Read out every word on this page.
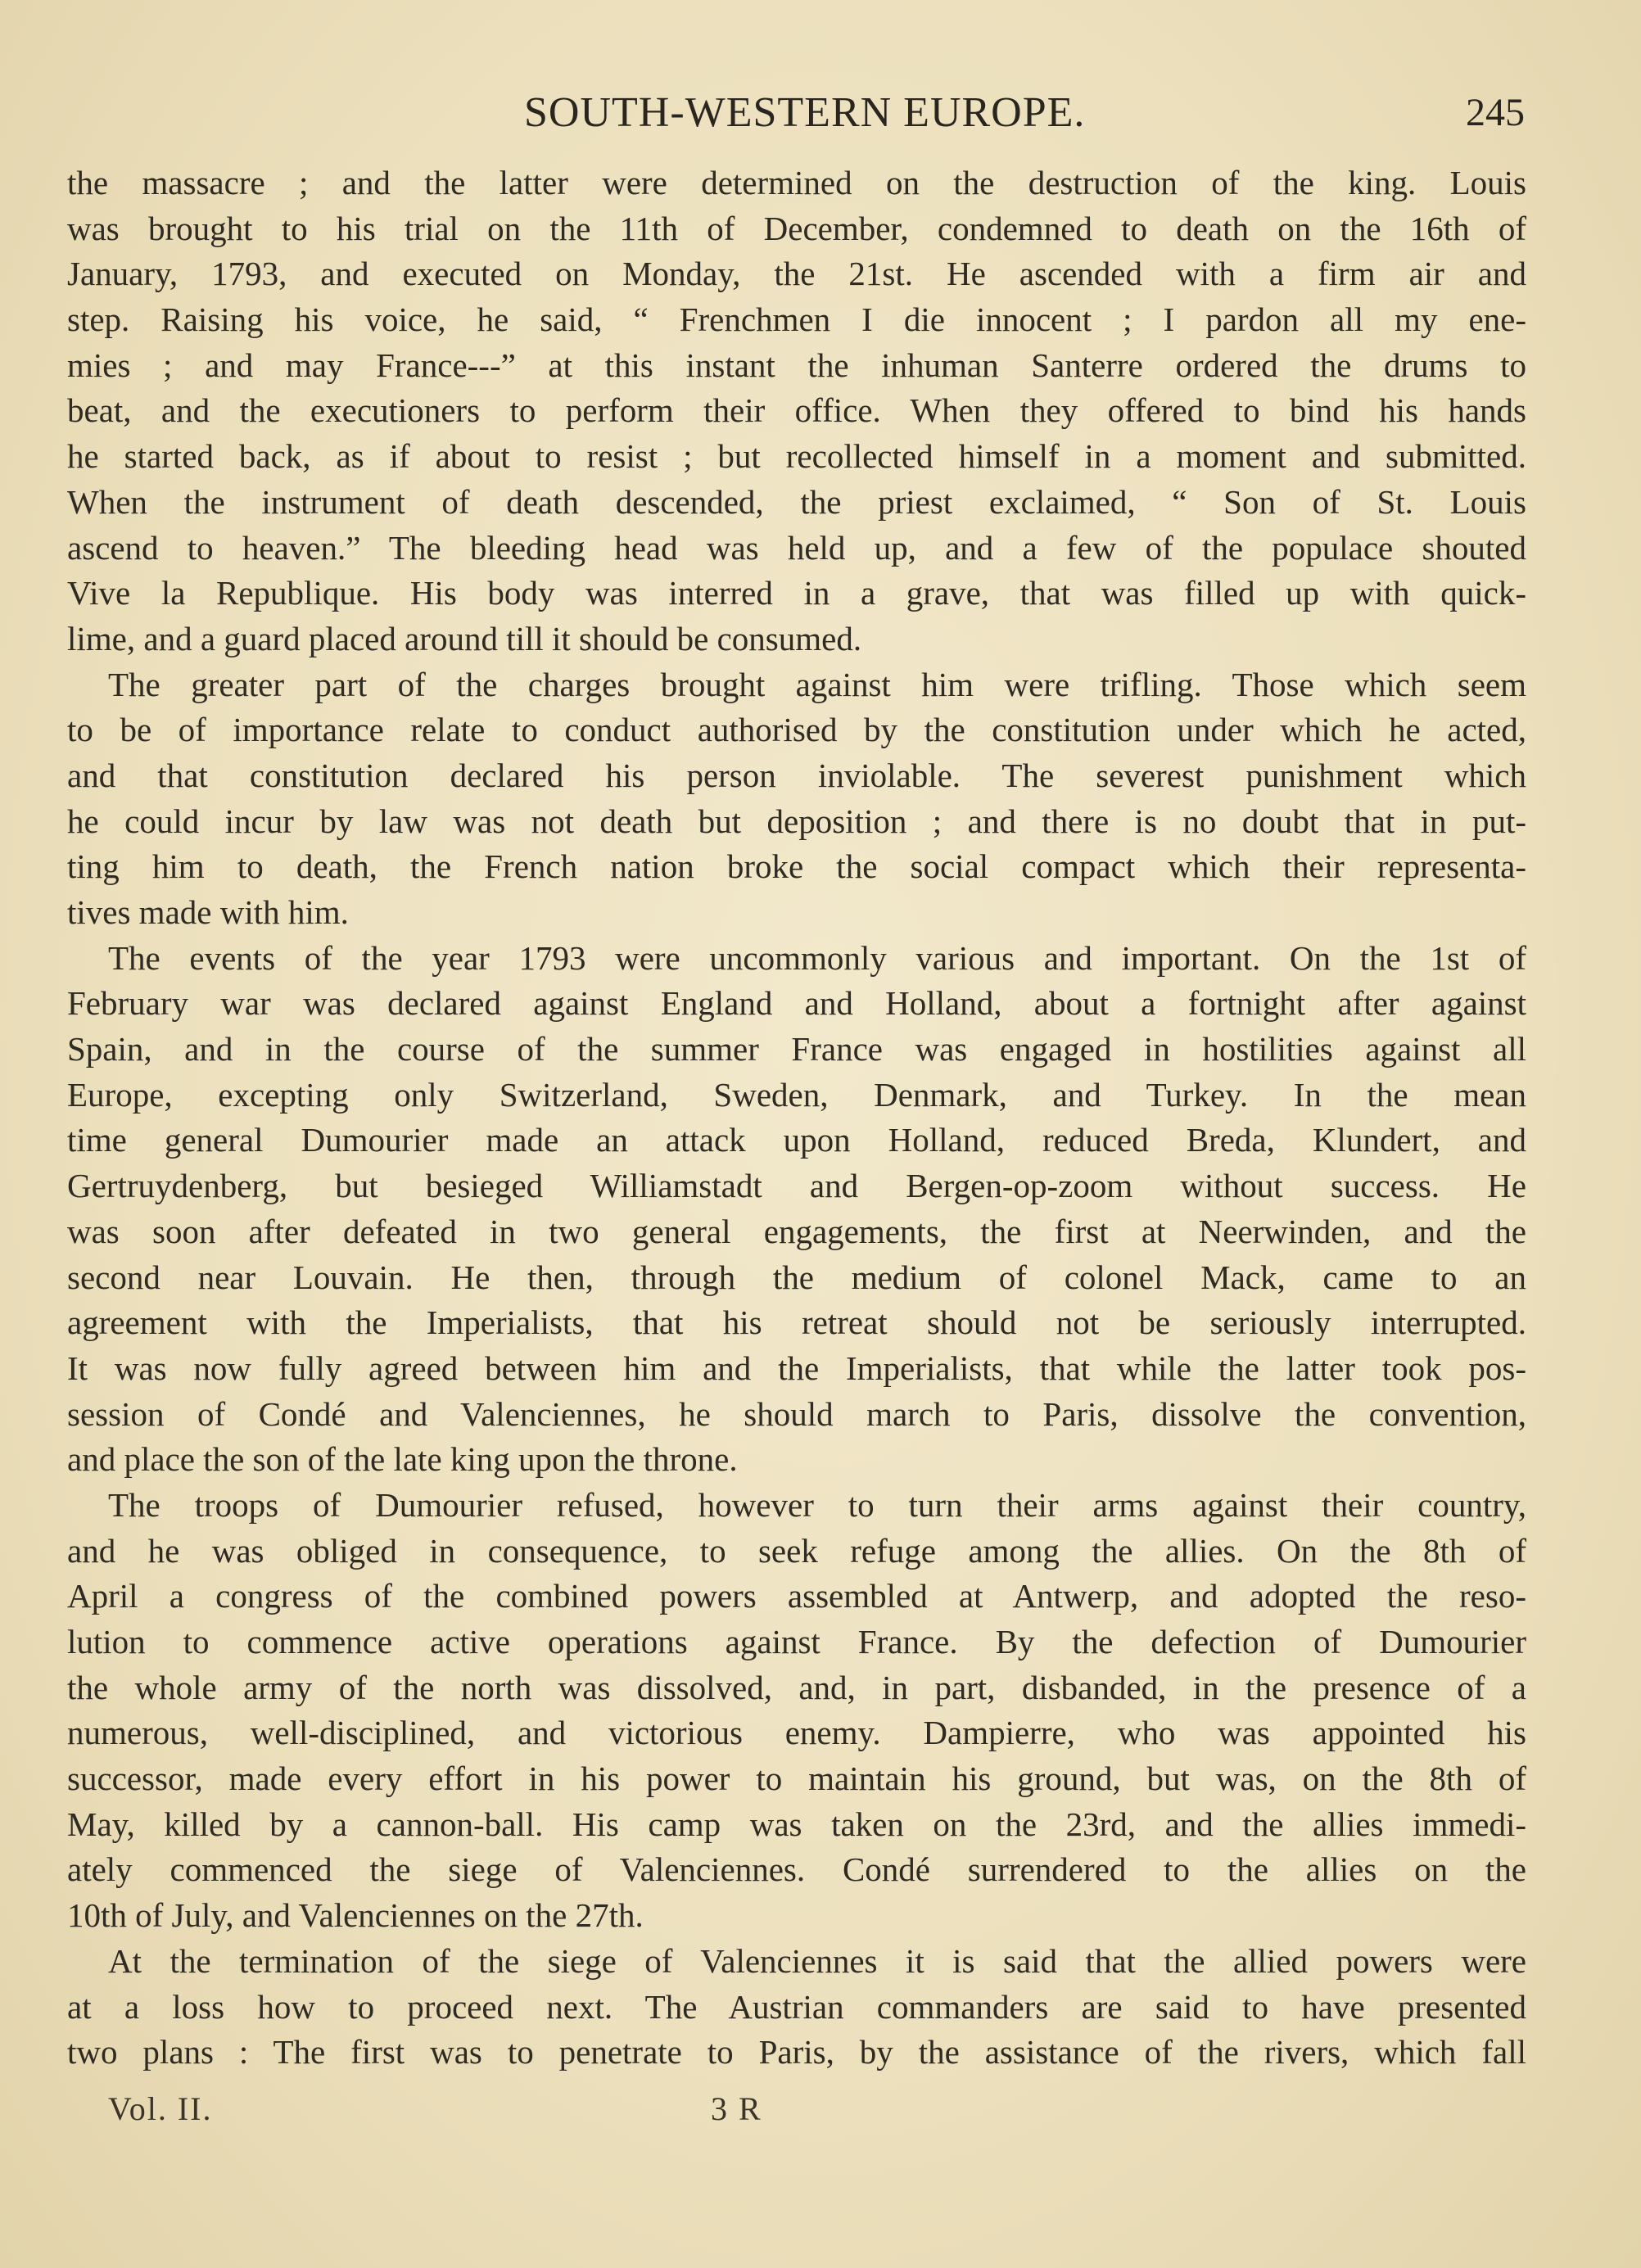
SOUTH-WESTERN EUROPE.	245
the massacre ; and the latter were determined on the destruction of the king. Louis
was brought to his trial on the 11th of December, condemned to death on the 16th of
January, 1793, and executed on Monday, the 21st. He ascended with a firm air and
step. Raising his voice, he said, “ Frenchmen I die innocent ; I pardon all my ene-
mies ; and may France---” at this instant the inhuman Santerre ordered the drums to
beat, and the executioners to perform their office. When they offered to bind his hands
he started back, as if about to resist ; but recollected himself in a moment and submitted.
When the instrument of death descended, the priest exclaimed, “ Son of St. Louis
ascend to heaven.” The bleeding head was held up, and a few of the populace shouted
Vive la Republique. His body was interred in a grave, that was filled up with quick-
lime, and a guard placed around till it should be consumed.
The greater part of the charges brought against him were trifling. Those which seem
to be of importance relate to conduct authorised by the constitution under which he acted,
and that constitution declared his person inviolable. The severest punishment which
he could incur by law was not death but deposition ; and there is no doubt that in put-
ting him to death, the French nation broke the social compact which their representa-
tives made with him.
The events of the year 1793 were uncommonly various and important. On the 1st of
February war was declared against England and Holland, about a fortnight after against
Spain, and in the course of the summer France was engaged in hostilities against all
Europe, excepting only Switzerland, Sweden, Denmark, and Turkey. In the mean
time general Dumourier made an attack upon Holland, reduced Breda, Klundert, and
Gertruydenberg, but besieged Williamstadt and Bergen-op-zoom without success. He
was soon after defeated in two general engagements, the first at Neerwinden, and the
second near Louvain. He then, through the medium of colonel Mack, came to an
agreement with the Imperialists, that his retreat should not be seriously interrupted.
It was now fully agreed between him and the Imperialists, that while the latter took pos-
session of Condé and Valenciennes, he should march to Paris, dissolve the convention,
and place the son of the late king upon the throne.
The troops of Dumourier refused, however to turn their arms against their country,
and he was obliged in consequence, to seek refuge among the allies. On the 8th of
April a congress of the combined powers assembled at Antwerp, and adopted the reso-
lution to commence active operations against France. By the defection of Dumourier
the whole army of the north was dissolved, and, in part, disbanded, in the presence of a
numerous, well-disciplined, and victorious enemy. Dampierre, who was appointed his
successor, made every effort in his power to maintain his ground, but was, on the 8th of
May, killed by a cannon-ball. His camp was taken on the 23rd, and the allies immedi-
ately commenced the siege of Valenciennes. Condé surrendered to the allies on the
10th of July, and Valenciennes on the 27th.
At the termination of the siege of Valenciennes it is said that the allied powers were
at a loss how to proceed next. The Austrian commanders are said to have presented
two plans : The first was to penetrate to Paris, by the assistance of the rivers, which fall
Vol. II.	3 R
